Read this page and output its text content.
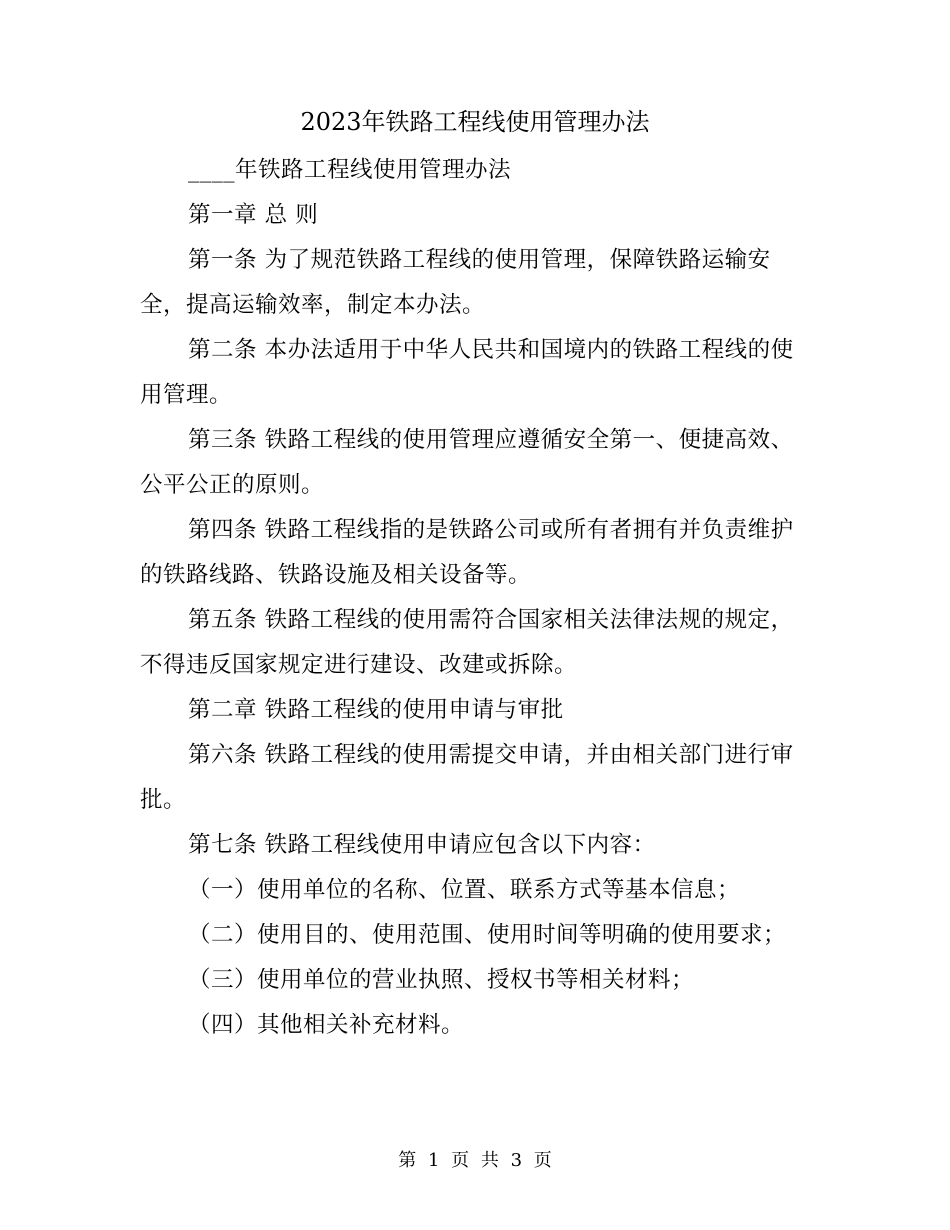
2023年铁路工程线使用管理办法

____年铁路工程线使用管理办法

第一章 总 则

第一条 为了规范铁路工程线的使用管理，保障铁路运输安全，提高运输效率，制定本办法。

第二条 本办法适用于中华人民共和国境内的铁路工程线的使用管理。

第三条 铁路工程线的使用管理应遵循安全第一、便捷高效、公平公正的原则。

第四条 铁路工程线指的是铁路公司或所有者拥有并负责维护的铁路线路、铁路设施及相关设备等。

第五条 铁路工程线的使用需符合国家相关法律法规的规定，不得违反国家规定进行建设、改建或拆除。

第二章 铁路工程线的使用申请与审批

第六条 铁路工程线的使用需提交申请，并由相关部门进行审批。

第七条 铁路工程线使用申请应包含以下内容：

（一）使用单位的名称、位置、联系方式等基本信息；

（二）使用目的、使用范围、使用时间等明确的使用要求；

（三）使用单位的营业执照、授权书等相关材料；

（四）其他相关补充材料。

第 1 页 共 3 页
